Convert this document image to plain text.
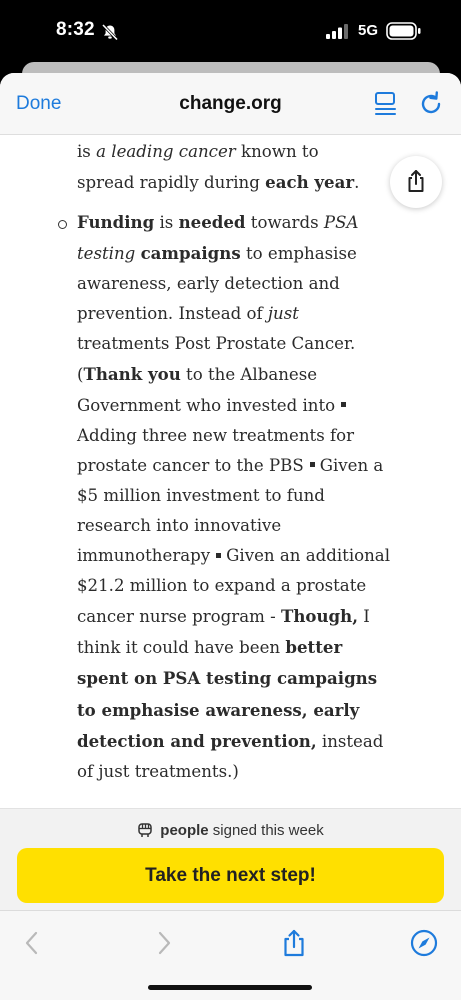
8:32	5G
Done	change.org

is a leading cancer known to spread rapidly during each year.

Funding is needed towards PSA testing campaigns to emphasise awareness, early detection and prevention. Instead of just treatments Post Prostate Cancer. (Thank you to the Albanese Government who invested intoAdding three new treatments for prostate cancer to the PBS Given a $5 million investment to fund research into innovative immunotherapy Given an additional $21.2 million to expand a prostate cancer nurse program - Though, I think it could have been better spent on PSA testing campaigns to emphasise awareness, early detection and prevention, instead of just treatments.)

people signed this week
Take the next step!
